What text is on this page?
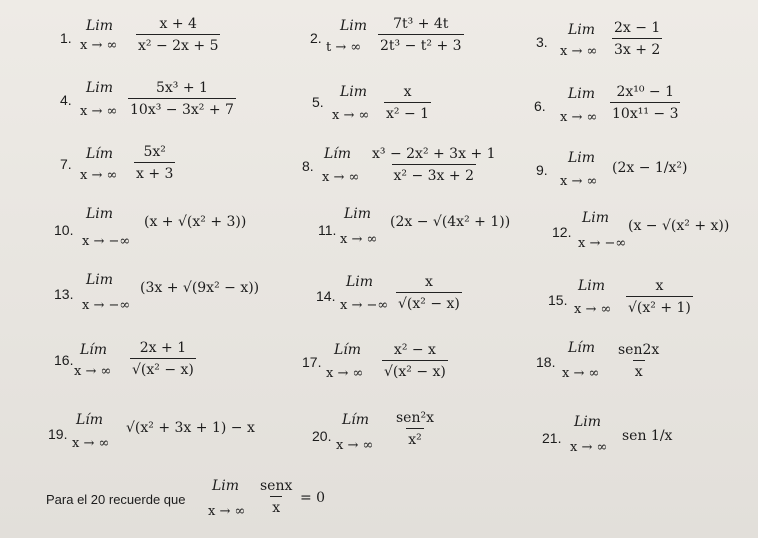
1.
Lim
x → ∞ $\frac{x + 4}{\text{x² − 2x + 5}}$	2.
Lim
t → ∞ $\frac{\text{7t³ + 4t}}{\text{2t³ − t² + 3}}$	3.
Lim
x → ∞ $\frac{2x - 1}{3x + 2}$
4.
Lim
x → ∞ $\frac{\text{5x³ + 1}}{\text{10x³ − 3x² + 7}}$	5.
Lim
x → ∞ $\frac{x}{\text{x² − 1}}$	6.
Lim
x → ∞ $\frac{\text{2x¹⁰ − 1}}{\text{10x¹¹ − 3}}$
7.
Lím
x → ∞ $\frac{\text{5x²}}{x + 3}$	8.
Lím
x → ∞ $\frac{\text{x³ − 2x² + 3x + 1}}{\text{x² − 3x + 2}}$	9.
Lim
x → ∞
(2x − 1/x²)
10.
Lim
x → −∞
(x + √(x² + 3))	11.
Lim
x → ∞
(2x − √(4x² + 1))
12.
Lim
x → −∞
(x − √(x² + x))
13.
Lim
x → −∞
(3x + √(9x² − x))	14.
Lim
x → −∞ $\frac{x}{\text{√(x² − x)}}$	15.
Lim
x → ∞ $\frac{x}{\text{√(x² + 1)}}$
16.
Lím
x → ∞ $\frac{2x + 1}{\text{√(x² − x)}}$	17.
Lím
x → ∞ $\frac{\text{x² − x}}{\text{√(x² − x)}}$	18.
Lím
x → ∞
sen2x
x
19.
Lím
x → ∞
√(x² + 3x + 1) − x	20.
Lím
x → ∞
sen²x
x²	21.
Lim
x → ∞
sen 1/x
Para el 20 recuerde que
Lim
x → ∞
senx
x
= 0
